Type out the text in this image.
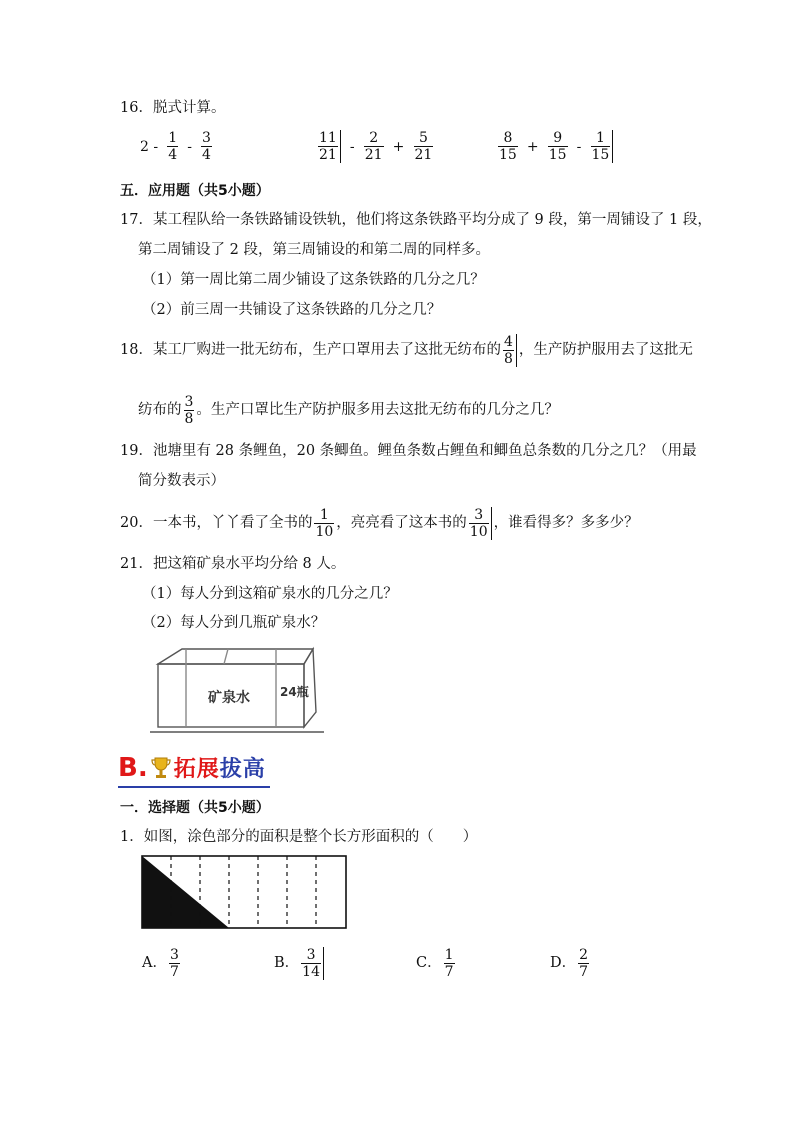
16．脱式计算。
$2 - \frac{1}{4} - \frac{3}{4}$	$\frac{11}{21} - \frac{2}{21} + \frac{5}{21}$	$\frac{8}{15} + \frac{9}{15} - \frac{1}{15}$
五．应用题（共5小题）
17．某工程队给一条铁路铺设铁轨，他们将这条铁路平均分成了 9 段，第一周铺设了 1 段，
第二周铺设了 2 段，第三周铺设的和第二周的同样多。
（1）第一周比第二周少铺设了这条铁路的几分之几？
（2）前三周一共铺设了这条铁路的几分之几？
18．某工厂购进一批无纺布，生产口罩用去了这批无纺布的 $\frac{4}{8}$ ，生产防护服用去了这批无
纺布的 $\frac{3}{8}$ 。生产口罩比生产防护服多用去这批无纺布的几分之几？
19．池塘里有 28 条鲤鱼，20 条鲫鱼。鲤鱼条数占鲤鱼和鲫鱼总条数的几分之几？（用最
简分数表示）
20．一本书，丫丫看了全书的 $\frac{1}{10}$ ，亮亮看了这本书的 $\frac{3}{10}$ ，谁看得多？多多少？
21．把这箱矿泉水平均分给 8 人。
（1）每人分到这箱矿泉水的几分之几？
（2）每人分到几瓶矿泉水？
矿泉水	24瓶
B. 拓展拔高
一．选择题（共5小题）
1．如图，涂色部分的面积是整个长方形面积的（　　）
A． $\frac{3}{7}$	B． $\frac{3}{14}$	C． $\frac{1}{7}$	D． $\frac{2}{7}$
